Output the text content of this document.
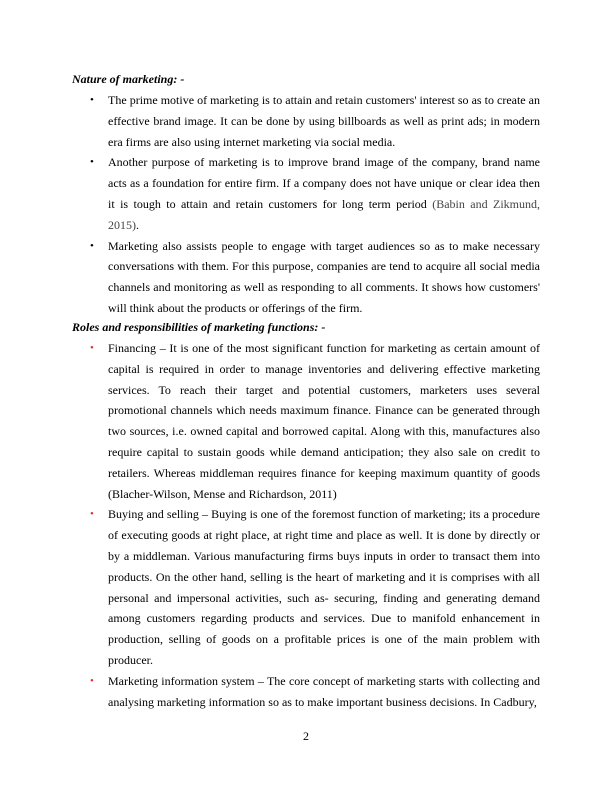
Nature of marketing: -

• The prime motive of marketing is to attain and retain customers' interest so as to create an effective brand image. It can be done by using billboards as well as print ads; in modern era firms are also using internet marketing via social media.
• Another purpose of marketing is to improve brand image of the company, brand name acts as a foundation for entire firm. If a company does not have unique or clear idea then it is tough to attain and retain customers for long term period (Babin and Zikmund, 2015).
• Marketing also assists people to engage with target audiences so as to make necessary conversations with them. For this purpose, companies are tend to acquire all social media channels and monitoring as well as responding to all comments. It shows how customers' will think about the products or offerings of the firm.

Roles and responsibilities of marketing functions: -

• Financing – It is one of the most significant function for marketing as certain amount of capital is required in order to manage inventories and delivering effective marketing services. To reach their target and potential customers, marketers uses several promotional channels which needs maximum finance. Finance can be generated through two sources, i.e. owned capital and borrowed capital. Along with this, manufactures also require capital to sustain goods while demand anticipation; they also sale on credit to retailers. Whereas middleman requires finance for keeping maximum quantity of goods (Blacher-Wilson, Mense and Richardson, 2011)
• Buying and selling – Buying is one of the foremost function of marketing; its a procedure of executing goods at right place, at right time and place as well. It is done by directly or by a middleman. Various manufacturing firms buys inputs in order to transact them into products. On the other hand, selling is the heart of marketing and it is comprises with all personal and impersonal activities, such as- securing, finding and generating demand among customers regarding products and services. Due to manifold enhancement in production, selling of goods on a profitable prices is one of the main problem with producer.
• Marketing information system – The core concept of marketing starts with collecting and analysing marketing information so as to make important business decisions. In Cadbury,
2
